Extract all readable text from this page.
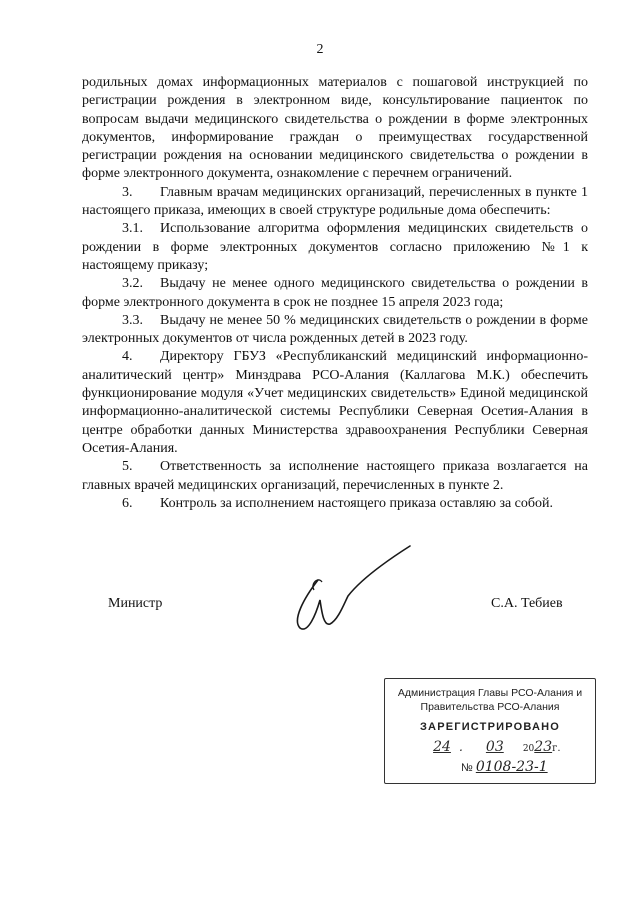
2

родильных домах информационных материалов с пошаговой инструкцией по регистрации рождения в электронном виде, консультирование пациенток по вопросам выдачи медицинского свидетельства о рождении в форме электронных документов, информирование граждан о преимуществах государственной регистрации рождения на основании медицинского свидетельства о рождении в форме электронного документа, ознакомление с перечнем ограничений.

3. Главным врачам медицинских организаций, перечисленных в пункте 1 настоящего приказа, имеющих в своей структуре родильные дома обеспечить:

3.1. Использование алгоритма оформления медицинских свидетельств о рождении в форме электронных документов согласно приложению №1 к настоящему приказу;

3.2. Выдачу не менее одного медицинского свидетельства о рождении в форме электронного документа в срок не позднее 15 апреля 2023 года;

3.3. Выдачу не менее 50 % медицинских свидетельств о рождении в форме электронных документов от числа рожденных детей в 2023 году.

4. Директору ГБУЗ «Республиканский медицинский информационно-аналитический центр» Минздрава РСО-Алания (Каллагова М.К.) обеспечить функционирование модуля «Учет медицинских свидетельств» Единой медицинской информационно-аналитической системы Республики Северная Осетия-Алания в центре обработки данных Министерства здравоохранения Республики Северная Осетия-Алания.

5. Ответственность за исполнение настоящего приказа возлагается на главных врачей медицинских организаций, перечисленных в пункте 2.

6. Контроль за исполнением настоящего приказа оставляю за собой.

Министр	С.А. Тебиев
Администрация Главы РСО-Алания и
Правительства РСО-Алания
ЗАРЕГИСТРИРОВАНО
24 . 03 2023г.
№ 0108-23-1
